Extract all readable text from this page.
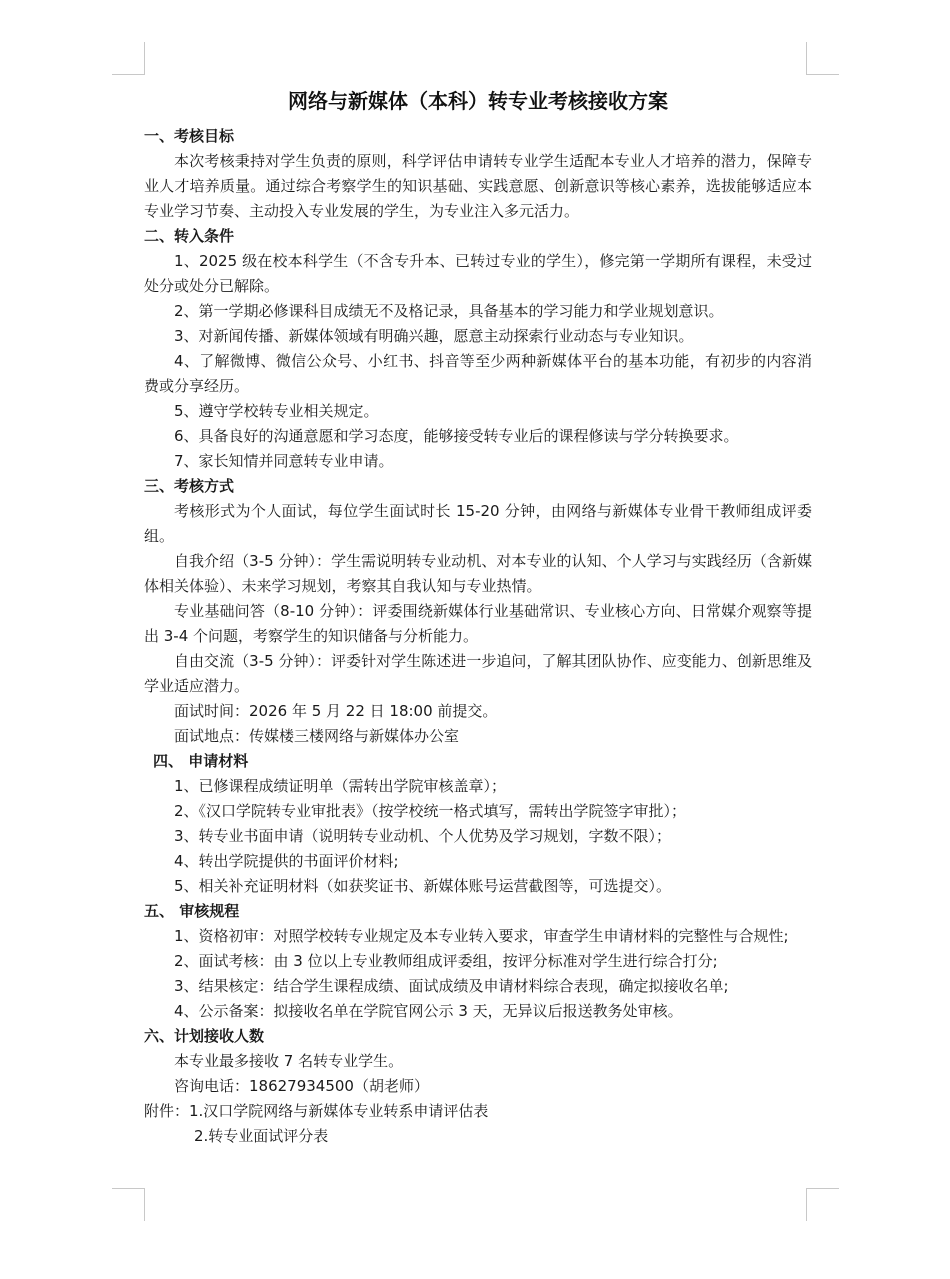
网络与新媒体（本科）转专业考核接收方案
一、考核目标
本次考核秉持对学生负责的原则，科学评估申请转专业学生适配本专业人才培养的潜力，保障专业人才培养质量。通过综合考察学生的知识基础、实践意愿、创新意识等核心素养，选拔能够适应本专业学习节奏、主动投入专业发展的学生，为专业注入多元活力。
二、转入条件
1、2025 级在校本科学生（不含专升本、已转过专业的学生），修完第一学期所有课程，未受过处分或处分已解除。
2、第一学期必修课科目成绩无不及格记录，具备基本的学习能力和学业规划意识。
3、对新闻传播、新媒体领域有明确兴趣，愿意主动探索行业动态与专业知识。
4、了解微博、微信公众号、小红书、抖音等至少两种新媒体平台的基本功能，有初步的内容消费或分享经历。
5、遵守学校转专业相关规定。
6、具备良好的沟通意愿和学习态度，能够接受转专业后的课程修读与学分转换要求。
7、家长知情并同意转专业申请。
三、考核方式
考核形式为个人面试，每位学生面试时长 15-20 分钟，由网络与新媒体专业骨干教师组成评委组。
自我介绍（3-5 分钟）：学生需说明转专业动机、对本专业的认知、个人学习与实践经历（含新媒体相关体验）、未来学习规划，考察其自我认知与专业热情。
专业基础问答（8-10 分钟）：评委围绕新媒体行业基础常识、专业核心方向、日常媒介观察等提出 3-4 个问题，考察学生的知识储备与分析能力。
自由交流（3-5 分钟）：评委针对学生陈述进一步追问，了解其团队协作、应变能力、创新思维及学业适应潜力。
面试时间：2026 年 5 月 22 日 18:00 前提交。
面试地点：传媒楼三楼网络与新媒体办公室
四、 申请材料
1、已修课程成绩证明单（需转出学院审核盖章）；
2、《汉口学院转专业审批表》（按学校统一格式填写，需转出学院签字审批）；
3、转专业书面申请（说明转专业动机、个人优势及学习规划，字数不限）；
4、转出学院提供的书面评价材料;
5、相关补充证明材料（如获奖证书、新媒体账号运营截图等，可选提交）。
五、 审核规程
1、资格初审：对照学校转专业规定及本专业转入要求，审查学生申请材料的完整性与合规性;
2、面试考核：由 3 位以上专业教师组成评委组，按评分标准对学生进行综合打分;
3、结果核定：结合学生课程成绩、面试成绩及申请材料综合表现，确定拟接收名单;
4、公示备案：拟接收名单在学院官网公示 3 天，无异议后报送教务处审核。
六、计划接收人数
本专业最多接收 7 名转专业学生。
咨询电话：18627934500（胡老师）
附件：1.汉口学院网络与新媒体专业转系申请评估表
2.转专业面试评分表
